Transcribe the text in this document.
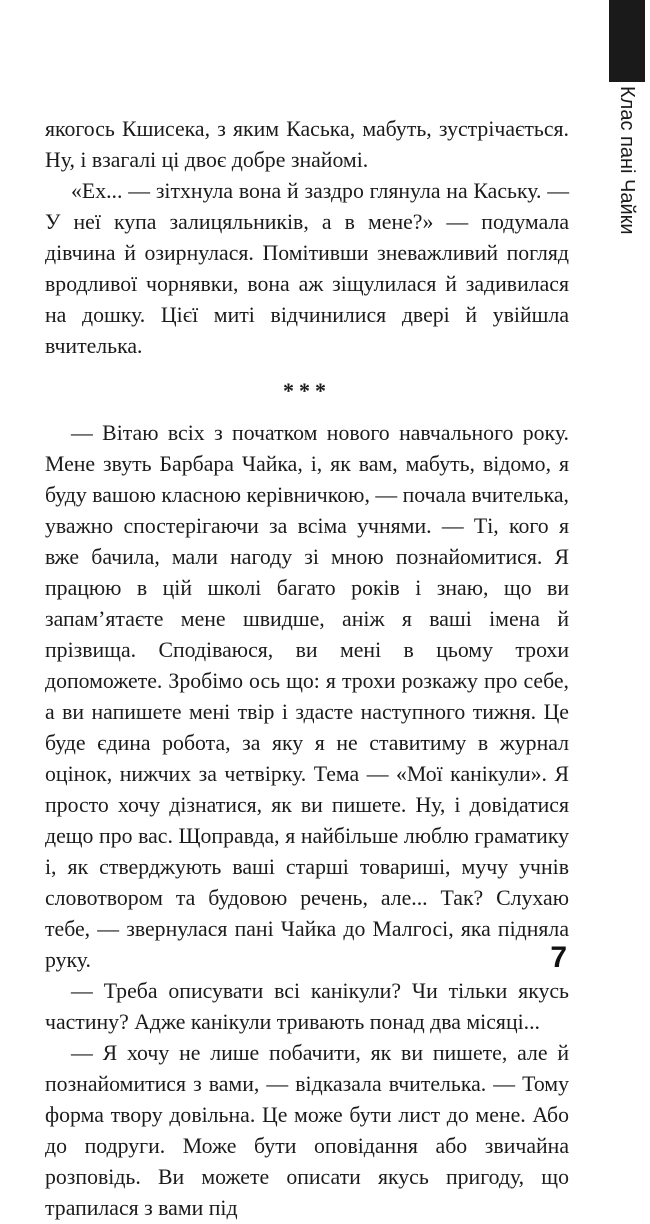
Клас пані Чайки

якогось Кшисека, з яким Каська, мабуть, зустрічається. Ну, і взагалі ці двоє добре знайомі.

«Ех... — зітхнула вона й заздро глянула на Каську. — У неї купа залицяльників, а в мене?» — подумала дівчина й озирнулася. Помітивши зневажливий погляд вродливої чорнявки, вона аж зіщулилася й задивилася на дошку. Цієї миті відчинилися двері й увійшла вчителька.

***

— Вітаю всіх з початком нового навчального року. Мене звуть Барбара Чайка, і, як вам, мабуть, відомо, я буду вашою класною керівничкою, — почала вчителька, уважно спостерігаючи за всіма учнями. — Ті, кого я вже бачила, мали нагоду зі мною познайомитися. Я працюю в цій школі багато років і знаю, що ви запам’ятаєте мене швидше, аніж я ваші імена й прізвища. Сподіваюся, ви мені в цьому трохи допоможете. Зробімо ось що: я трохи розкажу про себе, а ви напишете мені твір і здасте наступного тижня. Це буде єдина робота, за яку я не ставитиму в журнал оцінок, нижчих за четвірку. Тема — «Мої канікули». Я просто хочу дізнатися, як ви пишете. Ну, і довідатися дещо про вас. Щоправда, я найбільше люблю граматику і, як стверджують ваші старші товариші, мучу учнів словотвором та будовою речень, але... Так? Слухаю тебе, — звернулася пані Чайка до Малгосі, яка підняла руку.

— Треба описувати всі канікули? Чи тільки якусь частину? Адже канікули тривають понад два місяці...

— Я хочу не лише побачити, як ви пишете, але й познайомитися з вами, — відказала вчителька. — Тому форма твору довільна. Це може бути лист до мене. Або до подруги. Може бути оповідання або звичайна розповідь. Ви можете описати якусь пригоду, що трапилася з вами під

7
